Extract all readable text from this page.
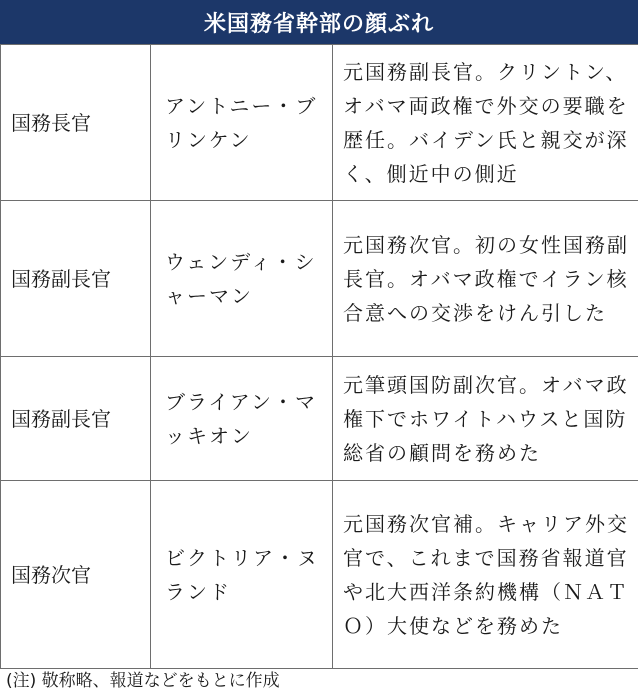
米国務省幹部の顔ぶれ
国務長官	アントニー・ブリンケン	元国務副長官。クリントン、オバマ両政権で外交の要職を歴任。バイデン氏と親交が深く、側近中の側近
国務副長官	ウェンディ・シャーマン	元国務次官。初の女性国務副長官。オバマ政権でイラン核合意への交渉をけん引した
国務副長官	ブライアン・マッキオン	元筆頭国防副次官。オバマ政権下でホワイトハウスと国防総省の顧問を務めた
国務次官	ビクトリア・ヌランド	元国務次官補。キャリア外交官で、これまで国務省報道官や北大西洋条約機構（ＮＡＴＯ）大使などを務めた
(注) 敬称略、報道などをもとに作成
